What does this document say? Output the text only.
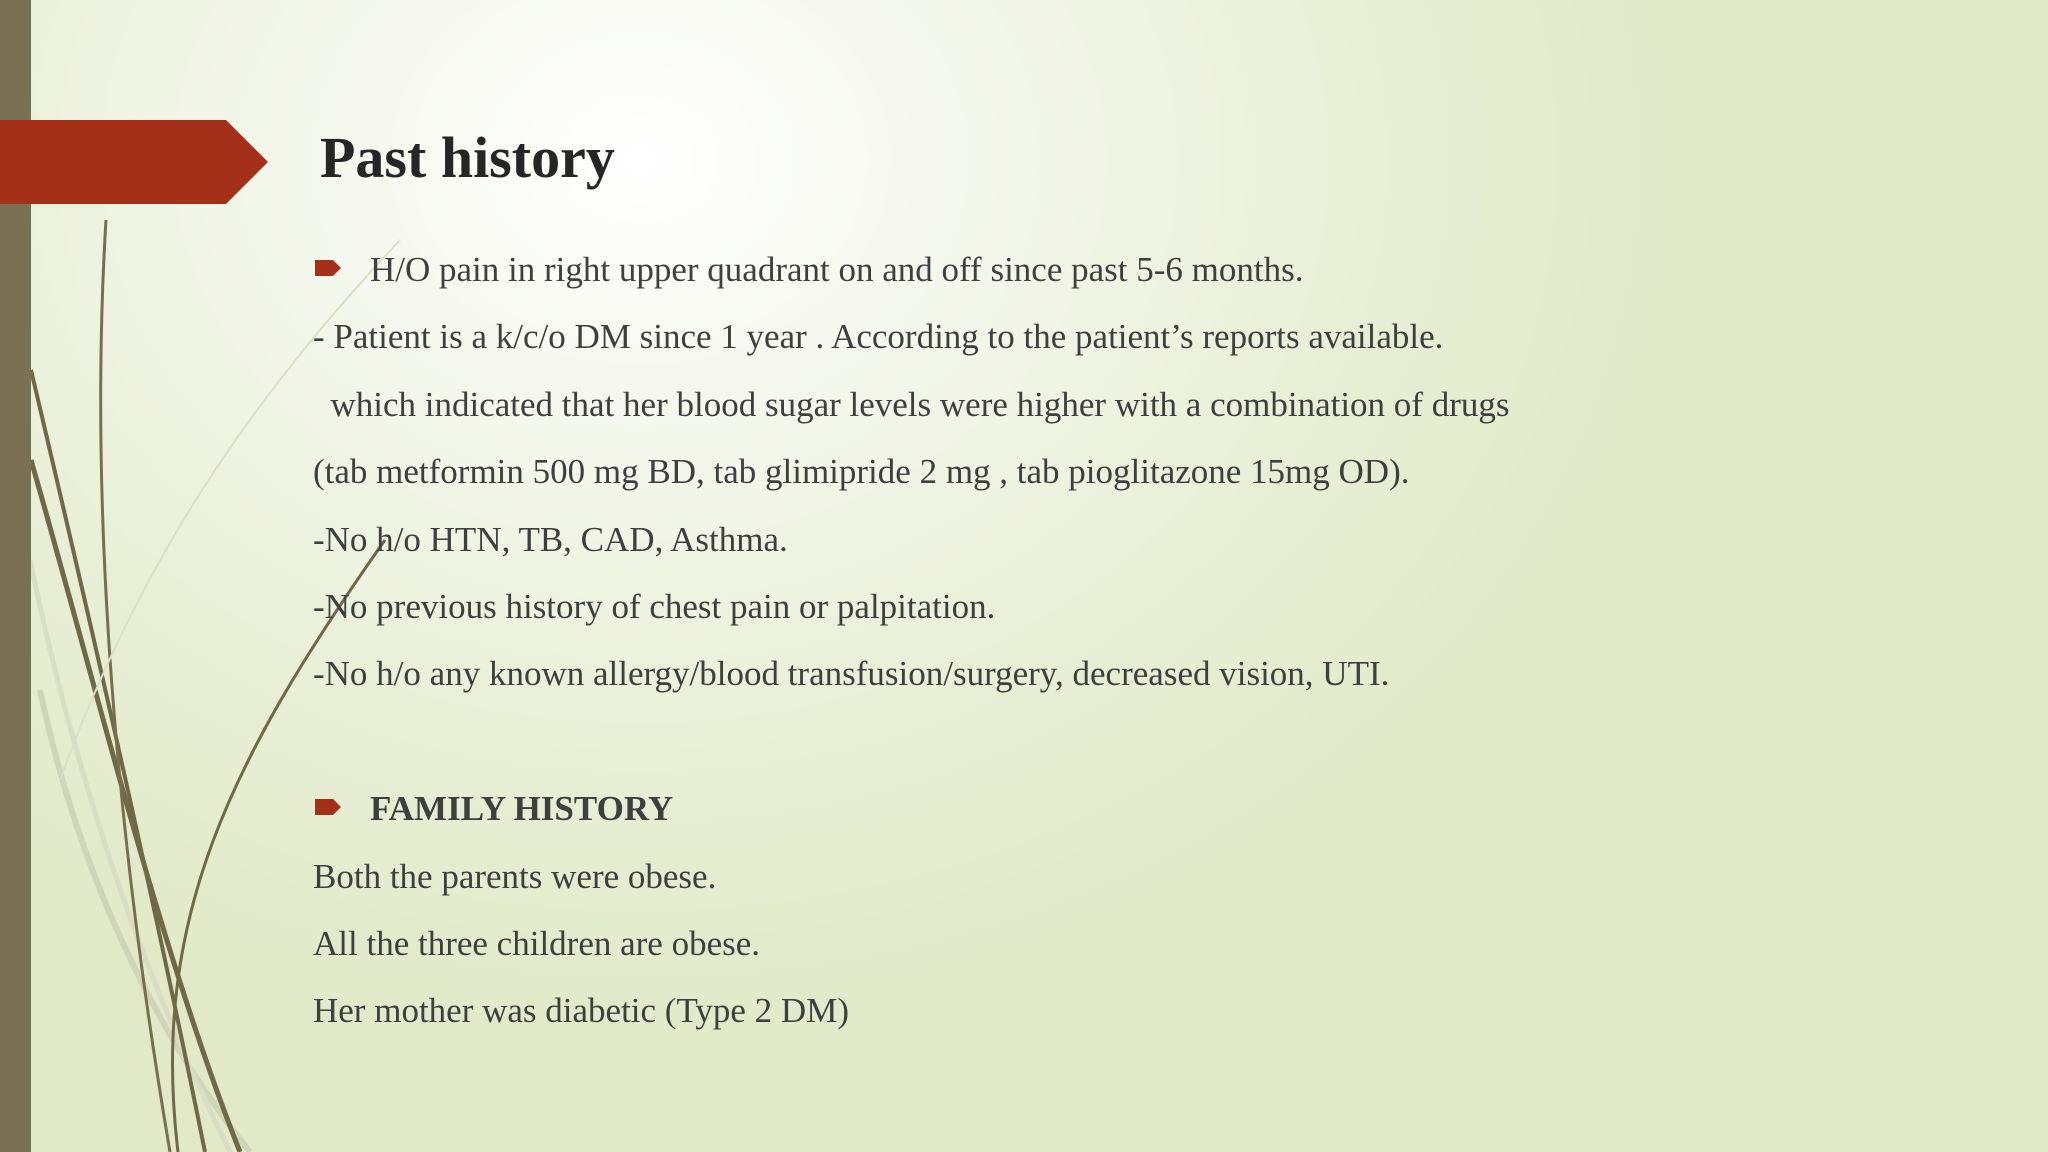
Past history
H/O pain in right upper quadrant on and off since past 5-6 months.
- Patient is a k/c/o DM since 1 year . According to the patient’s reports available.
which indicated that her blood sugar levels were higher with a combination of drugs
(tab metformin 500 mg BD, tab glimipride 2 mg , tab pioglitazone 15mg OD).
-No h/o HTN, TB, CAD, Asthma.
-No previous history of chest pain or palpitation.
-No h/o any known allergy/blood transfusion/surgery, decreased vision, UTI.
FAMILY HISTORY
Both the parents were obese.
All the three children are obese.
Her mother was diabetic (Type 2 DM)
